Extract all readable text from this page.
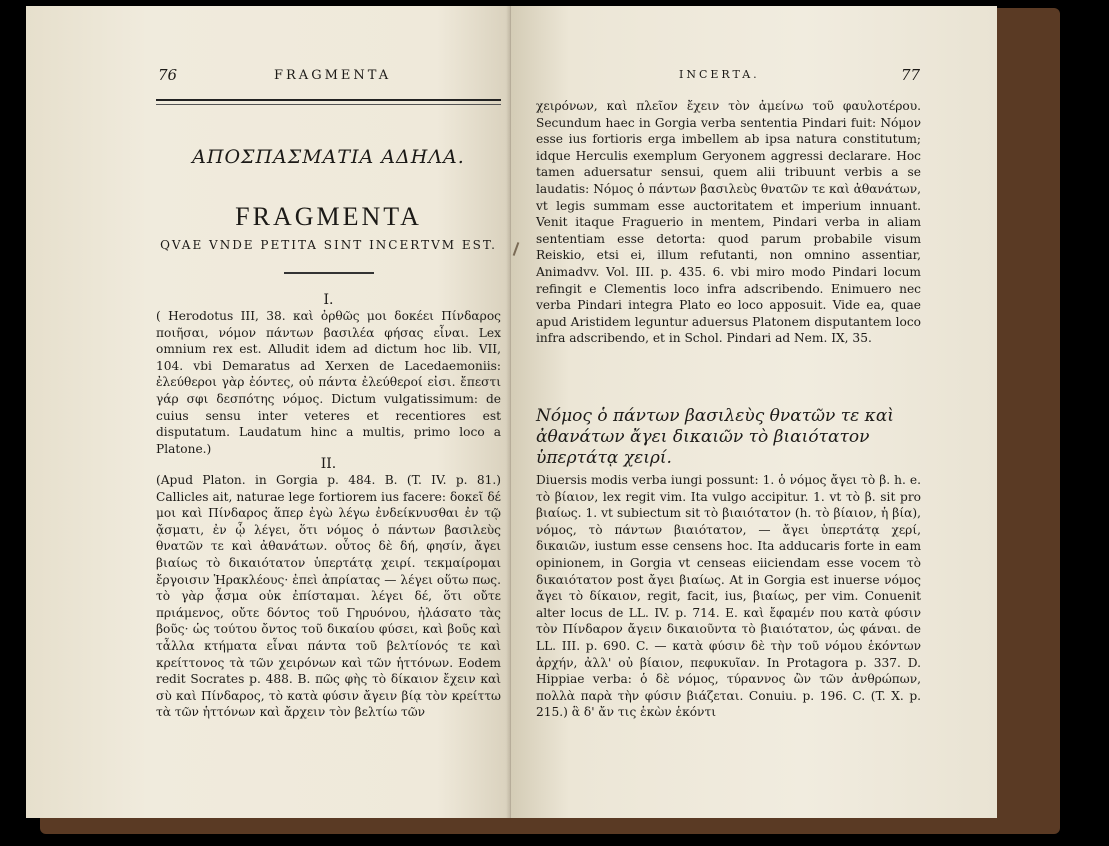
76	FRAGMENTA
ΑΠΟΣΠΑΣΜΑΤΙΑ ΑΔΗΛΑ.
FRAGMENTA
QVAE VNDE PETITA SINT INCERTVM EST.
I.
( Herodotus III, 38. καὶ ὀρθῶς μοι δοκέει Πίνδαρος ποιῆσαι, νόμον πάντων βασιλέα φήσας εἶναι. Lex omnium rex est. Alludit idem ad dictum hoc lib. VII, 104. vbi Demaratus ad Xerxen de Lacedaemoniis: ἐλεύθεροι γὰρ ἐόντες, οὐ πάντα ἐλεύθεροί εἰσι. ἔπεστι γάρ σφι δεσπότης νόμος. Dictum vulgatissimum: de cuius sensu inter veteres et recentiores est disputatum. Laudatum hinc a multis, primo loco a Platone.)
II.
(Apud Platon. in Gorgia p. 484. B. (T. IV. p. 81.) Callicles ait, naturae lege fortiorem ius facere: δοκεῖ δέ μοι καὶ Πίνδαρος ἅπερ ἐγὼ λέγω ἐνδείκνυσθαι ἐν τῷ ᾄσματι, ἐν ᾧ λέγει, ὅτι νόμος ὁ πάντων βασιλεὺς θνατῶν τε καὶ ἀθανάτων. οὗτος δὲ δή, φησίν, ἄγει βιαίως τὸ δικαιότατον ὑπερτάτᾳ χειρί. τεκμαίρομαι ἔργοισιν Ἡρακλέους· ἐπεὶ ἀπρίατας — λέγει οὕτω πως. τὸ γὰρ ᾆσμα οὐκ ἐπίσταμαι. λέγει δέ, ὅτι οὔτε πριάμενος, οὔτε δόντος τοῦ Γηρυόνου, ἠλάσατο τὰς βοῦς· ὡς τούτου ὄντος τοῦ δικαίου φύσει, καὶ βοῦς καὶ τἆλλα κτήματα εἶναι πάντα τοῦ βελτίονός τε καὶ κρείττονος τὰ τῶν χειρόνων καὶ τῶν ἡττόνων. Eodem redit Socrates p. 488. B. πῶς φὴς τὸ δίκαιον ἔχειν καὶ σὺ καὶ Πίνδαρος, τὸ κατὰ φύσιν ἄγειν βίᾳ τὸν κρείττω τὰ τῶν ἡττόνων καὶ ἄρχειν τὸν βελτίω τῶν
INCERTA.	77
χειρόνων, καὶ πλεῖον ἔχειν τὸν ἀμείνω τοῦ φαυλοτέρου. Secundum haec in Gorgia verba sententia Pindari fuit: Νόμον esse ius fortioris erga imbellem ab ipsa natura constitutum; idque Herculis exemplum Geryonem aggressi declarare. Hoc tamen aduersatur sensui, quem alii tribuunt verbis a se laudatis: Νόμος ὁ πάντων βασιλεὺς θνατῶν τε καὶ ἀθανάτων, vt legis summam esse auctoritatem et imperium innuant. Venit itaque Fraguerio in mentem, Pindari verba in aliam sententiam esse detorta: quod parum probabile visum Reiskio, etsi ei, illum refutanti, non omnino assentiar, Animadvv. Vol. III. p. 435. 6. vbi miro modo Pindari locum refingit e Clementis loco infra adscribendo. Enimuero nec verba Pindari integra Plato eo loco apposuit. Vide ea, quae apud Aristidem leguntur aduersus Platonem disputantem loco infra adscribendo, et in Schol. Pindari ad Nem. IX, 35.
Νόμος ὁ πάντων βασιλεὺς θνατῶν τε καὶ ἀθανάτων ἄγει δικαιῶν τὸ βιαιότατον ὑπερτάτᾳ χειρί.
Diuersis modis verba iungi possunt: 1. ὁ νόμος ἄγει τὸ β. h. e. τὸ βίαιον, lex regit vim. Ita vulgo accipitur. 1. vt τὸ β. sit pro βιαίως. 1. vt subiectum sit τὸ βιαιότατον (h. τὸ βίαιον, ἡ βία), νόμος, τὸ πάντων βιαιότατον, — ἄγει ὑπερτάτᾳ χερί, δικαιῶν, iustum esse censens hoc. Ita adducaris forte in eam opinionem, in Gorgia vt censeas eiiciendam esse vocem τὸ δικαιότατον post ἄγει βιαίως. At in Gorgia est inuerse νόμος ἄγει τὸ δίκαιον, regit, facit, ius, βιαίως, per vim. Conuenit alter locus de LL. IV. p. 714. E. καὶ ἔφαμέν που κατὰ φύσιν τὸν Πίνδαρον ἄγειν δικαιοῦντα τὸ βιαιότατον, ὡς φάναι. de LL. III. p. 690. C. — κατὰ φύσιν δὲ τὴν τοῦ νόμου ἑκόντων ἀρχήν, ἀλλ' οὐ βίαιον, πεφυκυῖαν. In Protagora p. 337. D. Hippiae verba: ὁ δὲ νόμος, τύραννος ὢν τῶν ἀνθρώπων, πολλὰ παρὰ τὴν φύσιν βιάζεται. Conuiu. p. 196. C. (T. X. p. 215.) ἃ δ' ἄν τις ἑκὼν ἑκόντι
